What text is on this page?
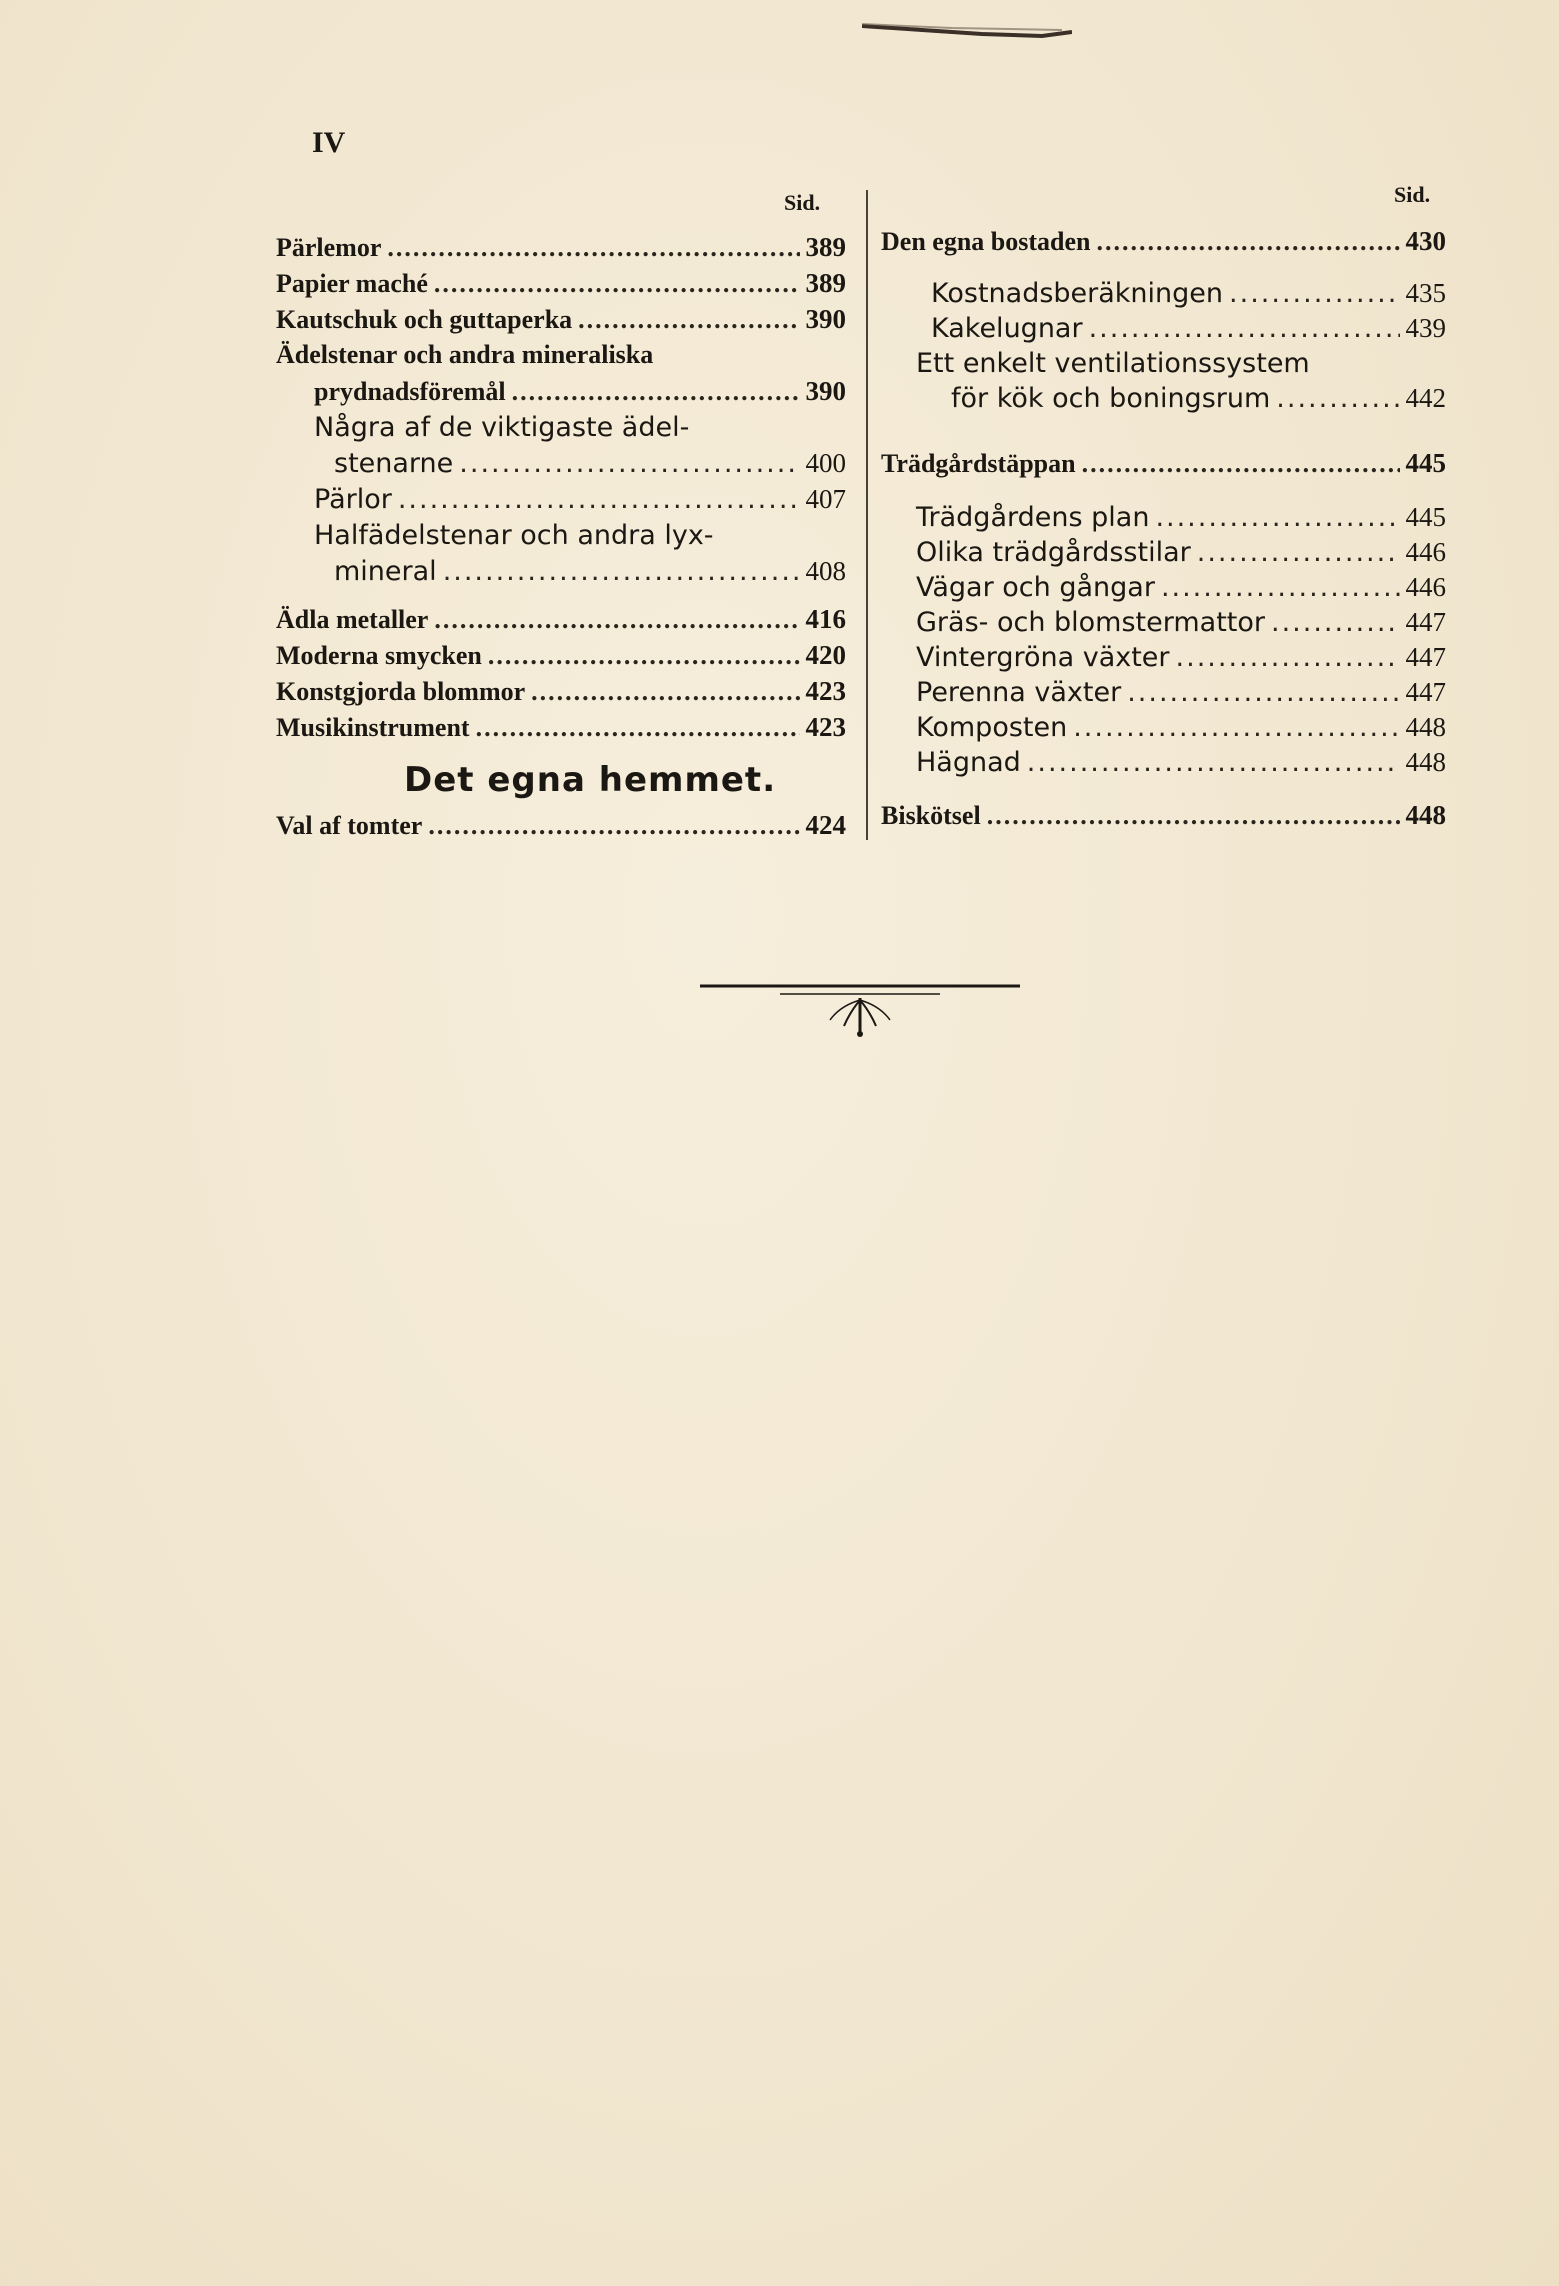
IV
Sid.
Pärlemor .....	389
Papier maché .....	389
Kautschuk och guttaperka .....	390
Ädelstenar och andra mineraliska
prydnadsföremål .....	390
Några af de viktigaste ädel-
stenarne .....	400
Pärlor .....	407
Halfädelstenar och andra lyx-
mineral .....	408
Ädla metaller .....	416
Moderna smycken .....	420
Konstgjorda blommor .....	423
Musikinstrument .....	423
Val af tomter .....	424
Det egna hemmet.
Sid.
Den egna bostaden .....	430
Kostnadsberäkningen .....	435
Kakelugnar .....	439
Ett enkelt ventilationssystem
för kök och boningsrum .....	442
Trädgårdstäppan .....	445
Trädgårdens plan .....	445
Olika trädgårdsstilar .....	446
Vägar och gångar .....	446
Gräs- och blomstermattor .....	447
Vintergröna växter .....	447
Perenna växter .....	447
Komposten .....	448
Hägnad .....	448
Biskötsel .....	448
